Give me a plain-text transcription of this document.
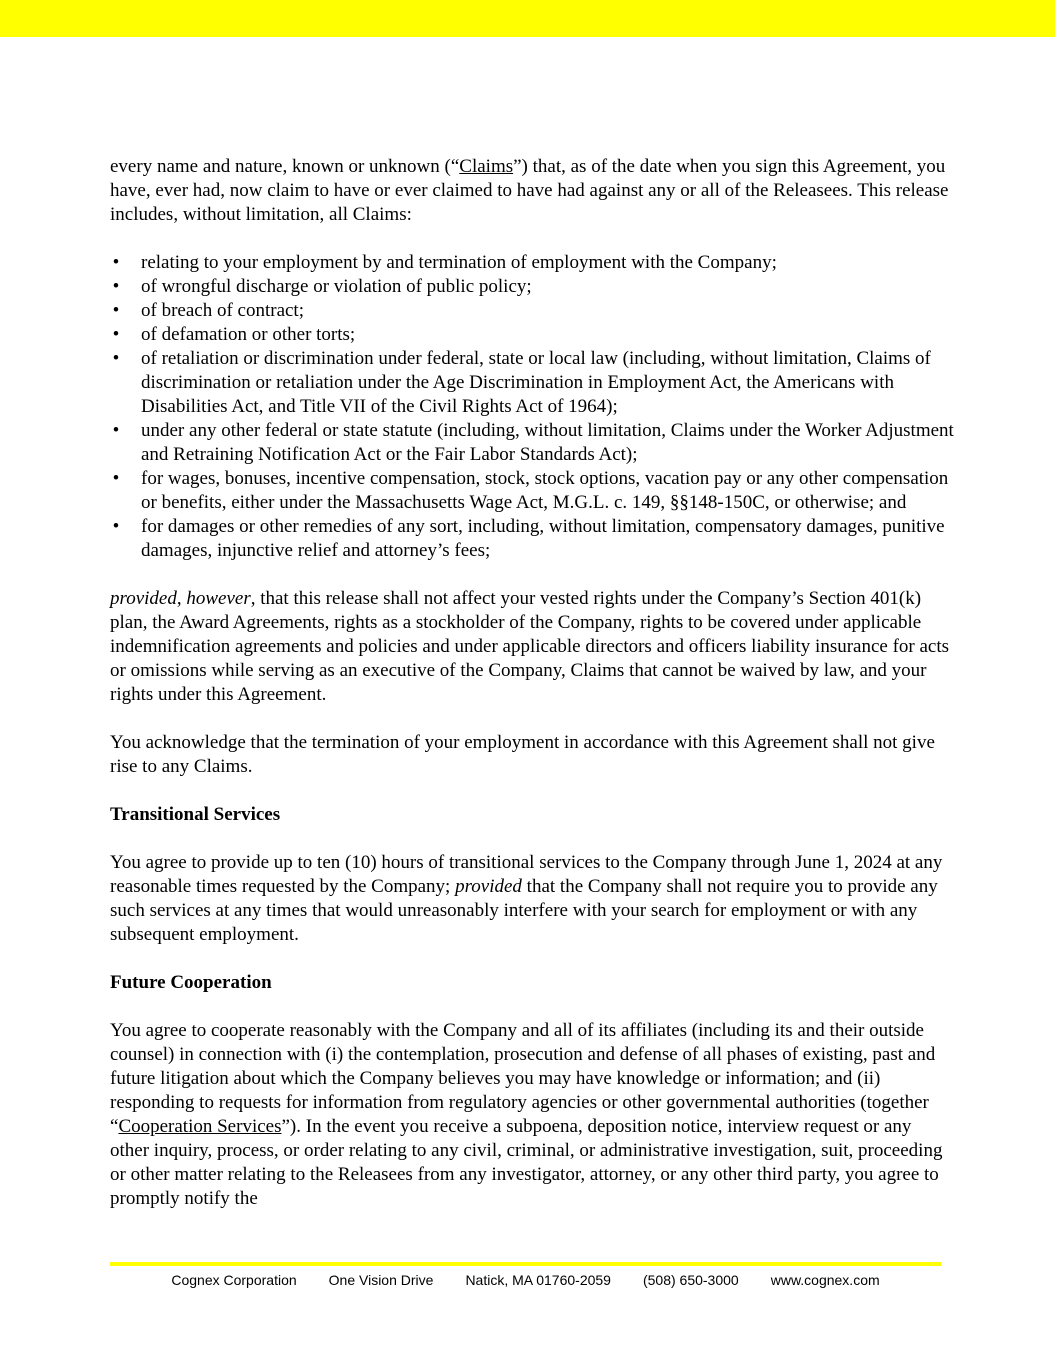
every name and nature, known or unknown (“Claims”) that, as of the date when you sign this Agreement, you have, ever had, now claim to have or ever claimed to have had against any or all of the Releasees. This release includes, without limitation, all Claims:

• relating to your employment by and termination of employment with the Company;
• of wrongful discharge or violation of public policy;
• of breach of contract;
• of defamation or other torts;
• of retaliation or discrimination under federal, state or local law (including, without limitation, Claims of discrimination or retaliation under the Age Discrimination in Employment Act, the Americans with Disabilities Act, and Title VII of the Civil Rights Act of 1964);
• under any other federal or state statute (including, without limitation, Claims under the Worker Adjustment and Retraining Notification Act or the Fair Labor Standards Act);
• for wages, bonuses, incentive compensation, stock, stock options, vacation pay or any other compensation or benefits, either under the Massachusetts Wage Act, M.G.L. c. 149, §§148-150C, or otherwise; and
• for damages or other remedies of any sort, including, without limitation, compensatory damages, punitive damages, injunctive relief and attorney’s fees;

provided, however, that this release shall not affect your vested rights under the Company’s Section 401(k) plan, the Award Agreements, rights as a stockholder of the Company, rights to be covered under applicable indemnification agreements and policies and under applicable directors and officers liability insurance for acts or omissions while serving as an executive of the Company, Claims that cannot be waived by law, and your rights under this Agreement.

You acknowledge that the termination of your employment in accordance with this Agreement shall not give rise to any Claims.

Transitional Services

You agree to provide up to ten (10) hours of transitional services to the Company through June 1, 2024 at any reasonable times requested by the Company; provided that the Company shall not require you to provide any such services at any times that would unreasonably interfere with your search for employment or with any subsequent employment.

Future Cooperation

You agree to cooperate reasonably with the Company and all of its affiliates (including its and their outside counsel) in connection with (i) the contemplation, prosecution and defense of all phases of existing, past and future litigation about which the Company believes you may have knowledge or information; and (ii) responding to requests for information from regulatory agencies or other governmental authorities (together “Cooperation Services”). In the event you receive a subpoena, deposition notice, interview request or any other inquiry, process, or order relating to any civil, criminal, or administrative investigation, suit, proceeding or other matter relating to the Releasees from any investigator, attorney, or any other third party, you agree to promptly notify the

Cognex Corporation One Vision Drive Natick, MA 01760-2059 (508) 650-3000 www.cognex.com
